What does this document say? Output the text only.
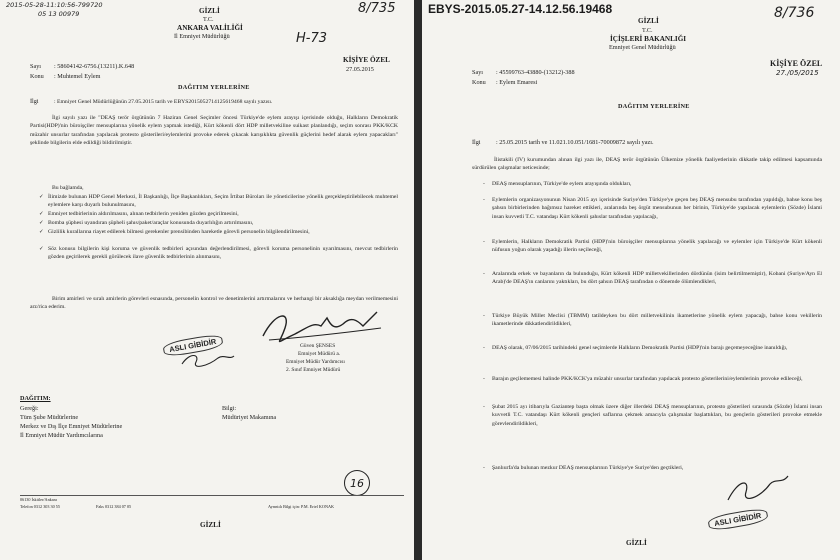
2015-05-28-11:10:56-799720
05 13 00979	8/735
H-73
GİZLİ
T.C.
ANKARA VALİLİĞİ
İl Emniyet Müdürlüğü
Sayı : 58604142-6756.(13211).K.648
Konu : Muhtemel Eylem
KİŞİYE ÖZEL
27.05.2015
DAĞITIM YERLERİNE
İlgi	: Emniyet Genel Müdürlüğünün 27.05.2015 tarih ve EBYS2015052714125619468 sayılı yazısı.
İlgi sayılı yazı ile "DEAŞ terör örgütünün 7 Haziran Genel Seçimler öncesi Türkiye'de eylem arayışı içerisinde olduğu, Halkların Demokratik Partisi(HDP)'nin büroişçiler mensuplarına yönelik eylem yapmak istediği, Kürt kökenli dört HDP milletvekiline suikast planlandığı, seçim sonrası PKK/KCK müzahir unsurlar tarafından yapılacak protesto gösterileri/eylemlerini provoke ederek çıkacak karışıklıkta güvenlik güçlerini hedef alarak eylem yapacakları" şeklinde bilgilerin elde edildiği bildirilmiştir.
Bu bağlamda,
✓ İlimizde bulunan HDP Genel Merkezi, İl Başkanlığı, İlçe Başkanlıkları, Seçim İrtibat Büroları ile yöneticilerine yönelik gerçekleştirilebilecek muhtemel eylemlere karşı duyarlı bulunulmasını,
✓ Emniyet tedbirlerinin aldırılmasını, alınan tedbirlerin yeniden gözden geçirilmesini,
✓ Bomba şüphesi uyandıran şüpheli şahıs/paket/araçlar konusunda duyarlılığın artırılmasını,
✓ Gizlilik kurallarına riayet edilerek bilmesi gerekenler prensibinden hareketle görevli personelin bilgilendirilmesini,
✓ Söz konusu bilgilerin kişi koruma ve güvenlik tedbirleri açısından değerlendirilmesi, görevli koruma personelinin uyarılmasını, mevcut tedbirlerin gözden geçirilerek gerekli görülecek ilave güvenlik tedbirlerinin alınmasını,
Birim amirleri ve sıralı amirlerin görevleri esnasında, personelin kontrol ve denetimlerini artırmalarını ve herhangi bir aksaklığa meydan verilmemesini arz/rica ederim.
ASLI GİBİDİR	Güven ŞENSES
Emniyet Müdürü a.
Emniyet Müdür Yardımcısı
2. Sınıf Emniyet Müdürü
DAĞITIM:
Gereği:
Tüm Şube Müdürlerine
Merkez ve Dış İlçe Emniyet Müdürlerine
İl Emniyet Müdür Yardımcılarına
Bilgi:
Müdüriyet Makamına
16
06130 İskitler/Ankara
Telefon 0312 303 30 55	Faks 0312 384 07 05	Ayrıntılı Bilgi için: P.M. Ertel KONAK
GİZLİ
EBYS-2015.05.27-14.12.56.19468	8/736
GİZLİ
T.C.
İÇİŞLERİ BAKANLIĞI
Emniyet Genel Müdürlüğü
Sayı : 45599763-43880-(13212)-388
Konu : Eylem Emaresi
KİŞİYE ÖZEL
27./05/2015
DAĞITIM YERLERİNE
İlgi : 25.05.2015 tarih ve 11.021.10.051/1681-70009872 sayılı yazı.
İlistakili (IV) kurumundan alınan ilgi yazı ile, DEAŞ terör örgütünün Ülkemize yönelik faaliyetlerinin dikkatle takip edilmesi kapsamında sürdürülen çalışmalar neticesinde;
- DEAŞ mensuplarının, Türkiye'de eylem arayışında oldukları,
- Eylemlerin organizasyonunun Nisan 2015 ayı içerisinde Suriye'den Türkiye'ye geçen beş DEAŞ mensubu tarafından yapıldığı, bahse konu beş şahsın birbirlerinden bağımsız hareket ettikleri, aralarında beş örgüt mensubunun her birinin, Türkiye'de yapılacak eylemlerin (Sözde) İslami insan kuvvetli T.C. vatandaşı Kürt kökenli şahıslar tarafından yapılacağı,
- Eylemlerin, Halkların Demokratik Partisi (HDP)'nin büroişçiler mensuplarına yönelik yapılacağı ve eylemler için Türkiye'de Kürt kökenli nüfusun yoğun olarak yaşadığı illerin seçileceği,
- Aralarında erkek ve bayanların da bulunduğu, Kürt kökenli HDP milletvekillerinden dördünün (isim belirtilmemiştir), Kobani (Suriye/Ayn El Arab)'de DEAŞ'ın canlarını yaktıkları, bu dört şahsın DEAŞ tarafından o dönemde ölümlendikleri,
- Türkiye Büyük Millet Meclisi (TBMM) tatildeyken bu dört milletvekilinin ikametlerine yönelik eylem yapacağı, bahse konu vekillerin ikametlerinde dikkatlendirildikleri,
- DEAŞ olarak, 07/06/2015 tarihindeki genel seçimlerde Halkların Demokratik Partisi (HDP)'nin barajı geçemeyeceğine inanıldığı,
- Barajın geçilememesi halinde PKK/KCK'ya müzahir unsurlar tarafından yapılacak protesto gösterilerini/eylemlerinin provoke edileceği,
- Şubat 2015 ayı itibarıyla Gaziantep başta olmak üzere diğer illerdeki DEAŞ mensuplarının, protesto gösterileri sırasında (Sözde) İslami insan kuvvetli T.C. vatandaşı Kürt kökenli gençleri saflarına çekmek amacıyla çalışmalar başlattıkları, bu gençlerin gösterileri provoke etmekle görevlendirildikleri,
- Şanlıurfa'da bulunan mezkur DEAŞ mensuplarının Türkiye'ye Suriye'den geçtikleri,
ASLI GİBİDİR
GİZLİ
